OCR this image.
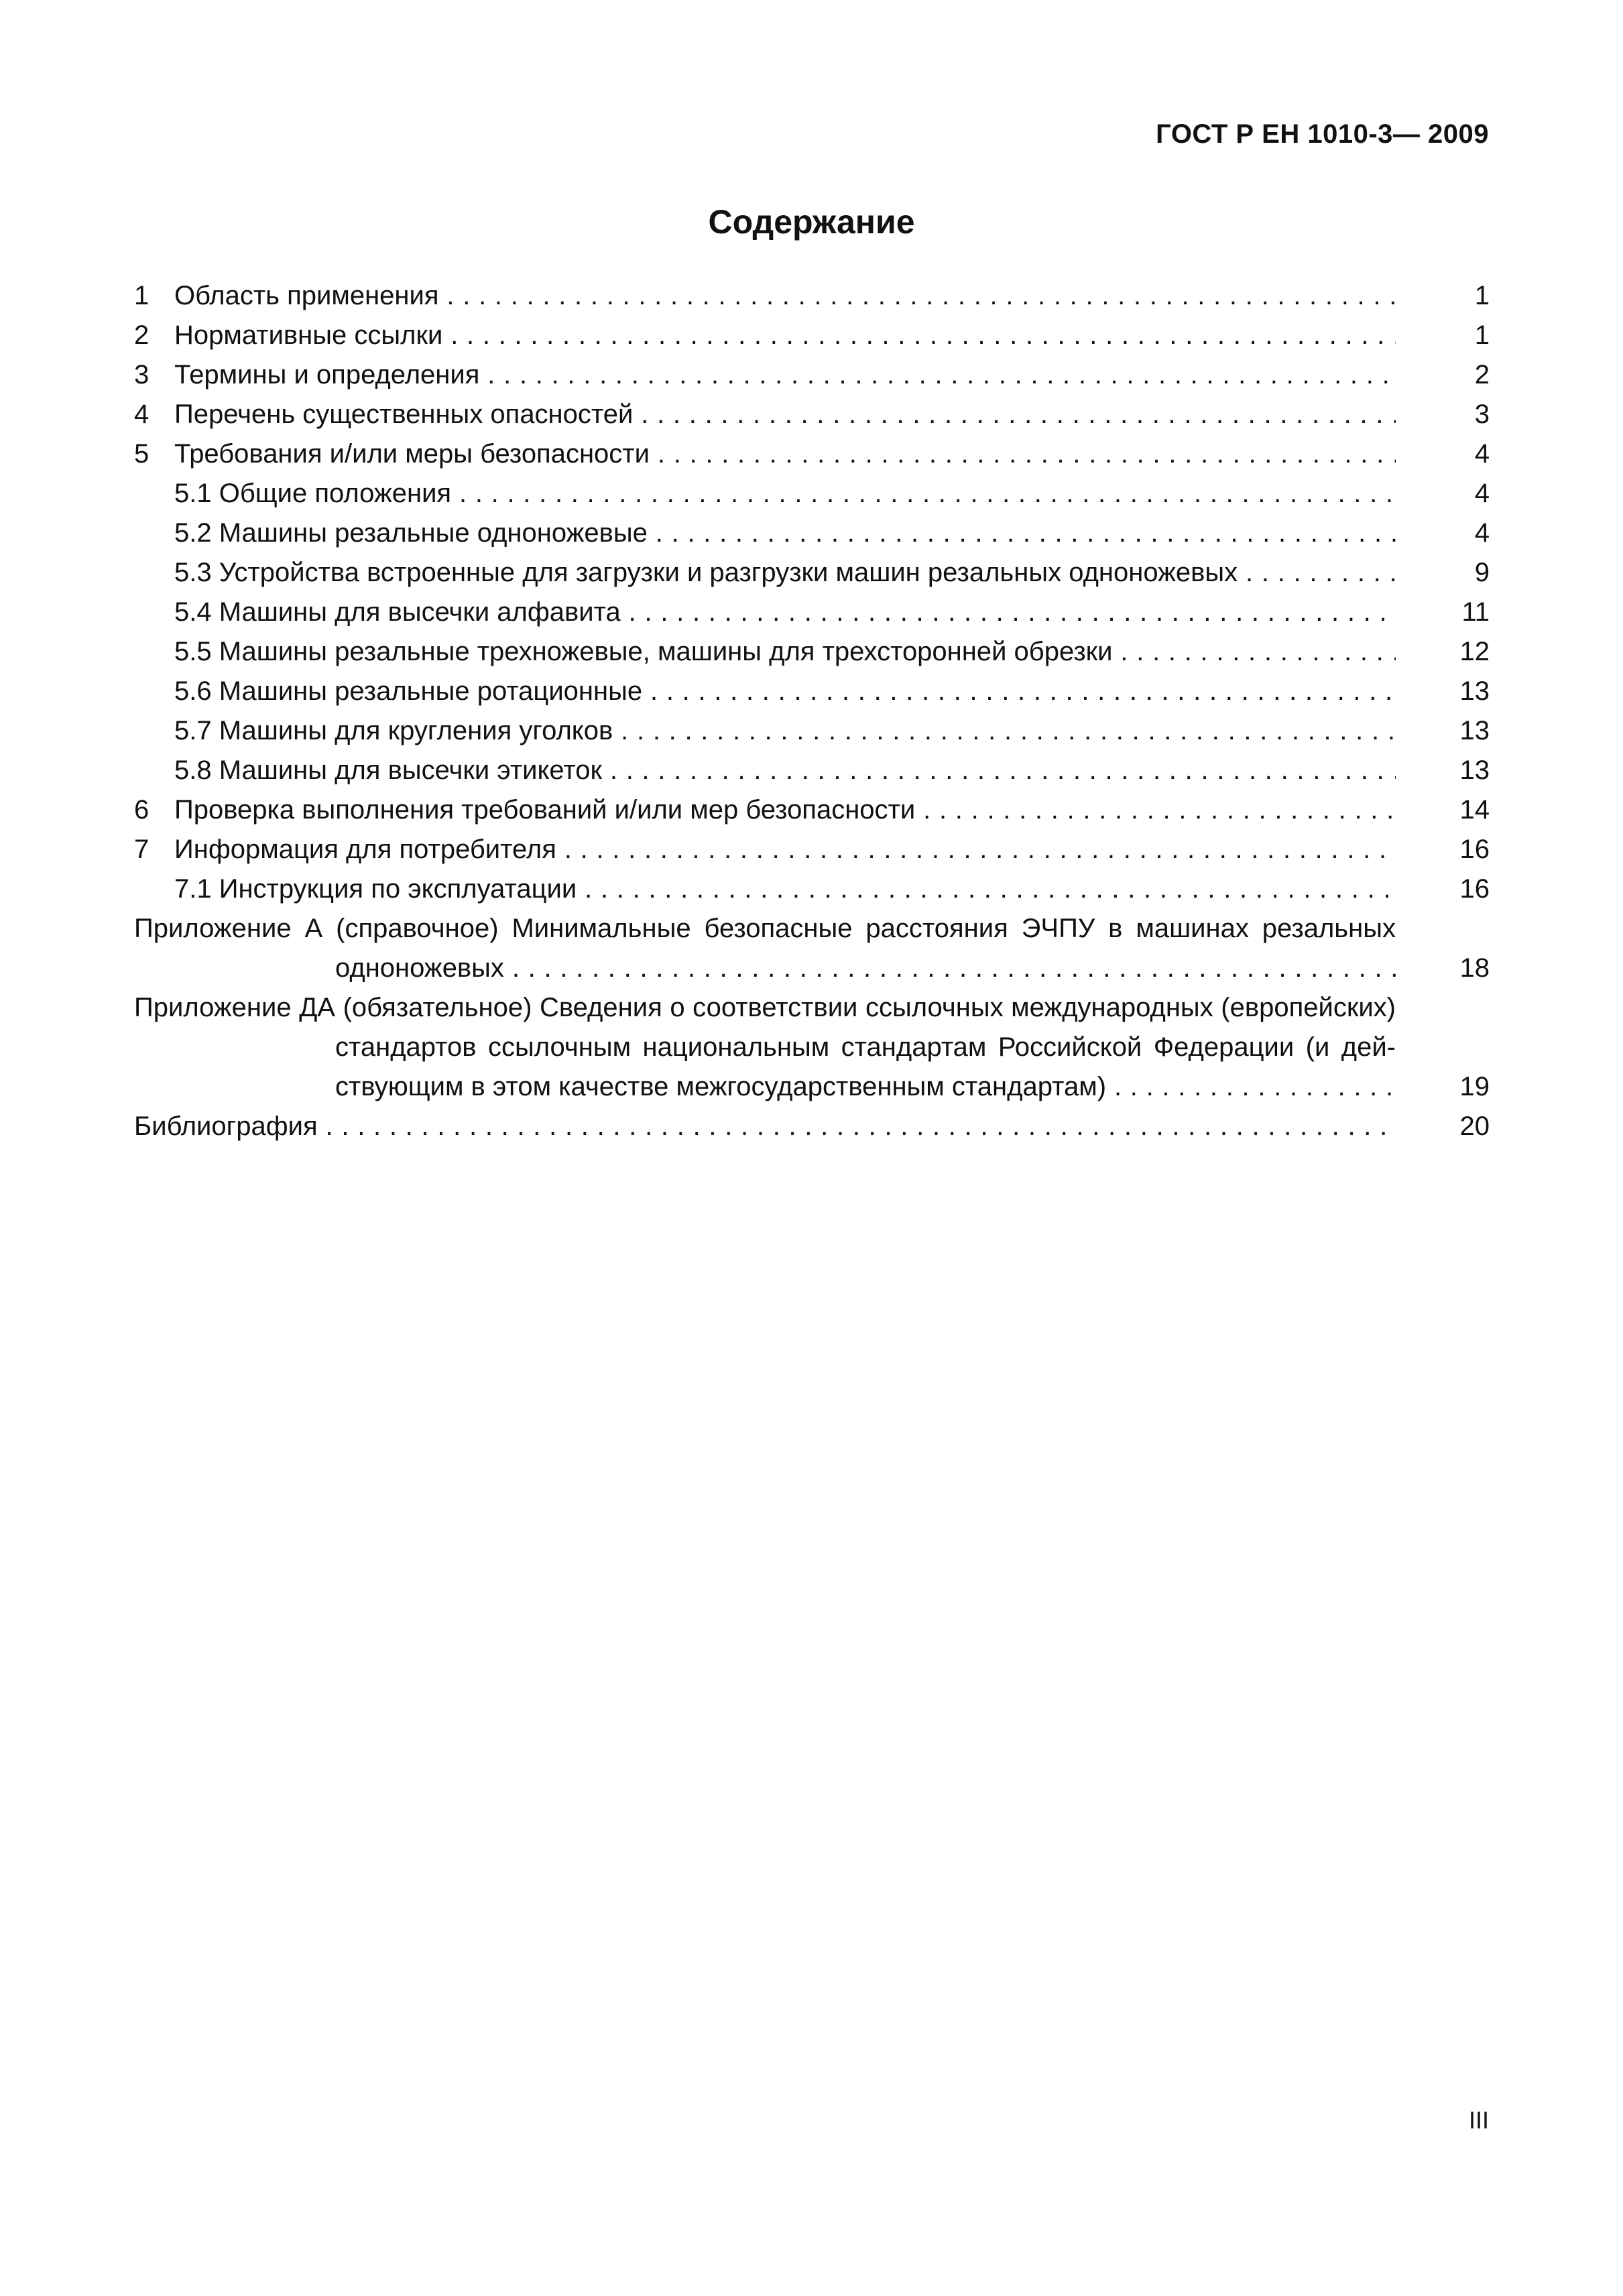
ГОСТ Р ЕН 1010-3— 2009
Содержание
1 Область применения . . .	1
2 Нормативные ссылки . . .	1
3 Термины и определения . . .	2
4 Перечень существенных опасностей . . .	3
5 Требования и/или меры безопасности . . .	4
5.1 Общие положения . . .	4
5.2 Машины резальные одноножевые . . .	4
5.3 Устройства встроенные для загрузки и разгрузки машин резальных одноножевых . . .	9
5.4 Машины для высечки алфавита . . .	11
5.5 Машины резальные трехножевые, машины для трехсторонней обрезки . . .	12
5.6 Машины резальные ротационные . . .	13
5.7 Машины для кругления уголков . . .	13
5.8 Машины для высечки этикеток . . .	13
6 Проверка выполнения требований и/или мер безопасности . . .	14
7 Информация для потребителя . . .	16
7.1 Инструкция по эксплуатации . . .	16
Приложение А (справочное) Минимальные безопасные расстояния ЭЧПУ в машинах резальных
одноножевых . . .	18
Приложение ДА (обязательное) Сведения о соответствии ссылочных международных (европейских)
стандартов ссылочным национальным стандартам Российской Федерации (и дей-
ствующим в этом качестве межгосударственным стандартам) . . .	19
Библиография . . .	20
III
